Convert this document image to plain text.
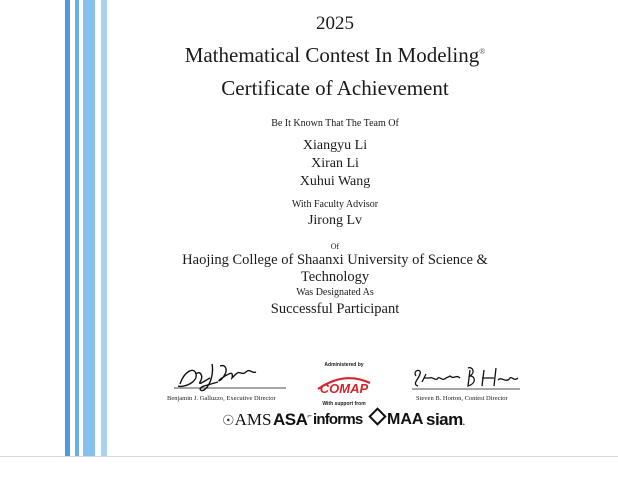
2025
Mathematical Contest In Modeling®
Certificate of Achievement
Be It Known That The Team Of
Xiangyu Li
Xiran Li
Xuhui Wang
With Faculty Advisor
Jirong Lv
Of
Haojing College of Shaanxi University of Science &
Technology
Was Designated As
Successful Participant
Benjamin J. Galluzzo, Executive Director
Administered by
COMAP
With support from
Steven B. Horton, Contest Director
☉AMS ASA⌐ informs	MAA siam.
